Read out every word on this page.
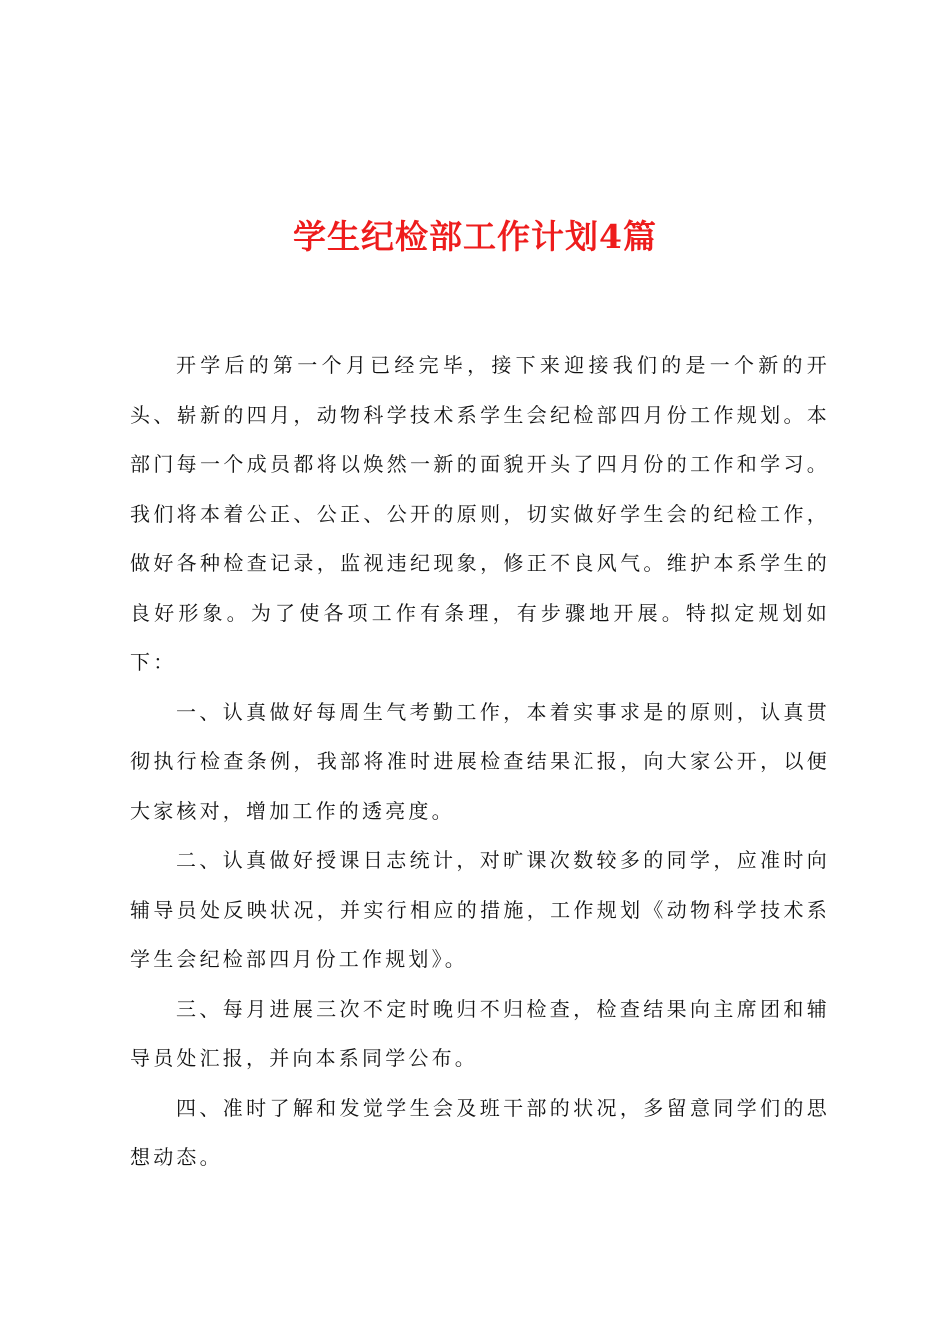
学生纪检部工作计划4篇

开学后的第一个月已经完毕，接下来迎接我们的是一个新的开头、崭新的四月，动物科学技术系学生会纪检部四月份工作规划。本部门每一个成员都将以焕然一新的面貌开头了四月份的工作和学习。我们将本着公正、公正、公开的原则，切实做好学生会的纪检工作，做好各种检查记录，监视违纪现象，修正不良风气。维护本系学生的良好形象。为了使各项工作有条理，有步骤地开展。特拟定规划如下：

一、认真做好每周生气考勤工作，本着实事求是的原则，认真贯彻执行检查条例，我部将准时进展检查结果汇报，向大家公开，以便大家核对，增加工作的透亮度。

二、认真做好授课日志统计，对旷课次数较多的同学，应准时向辅导员处反映状况，并实行相应的措施，工作规划《动物科学技术系学生会纪检部四月份工作规划》。

三、每月进展三次不定时晚归不归检查，检查结果向主席团和辅导员处汇报，并向本系同学公布。

四、准时了解和发觉学生会及班干部的状况，多留意同学们的思想动态。
